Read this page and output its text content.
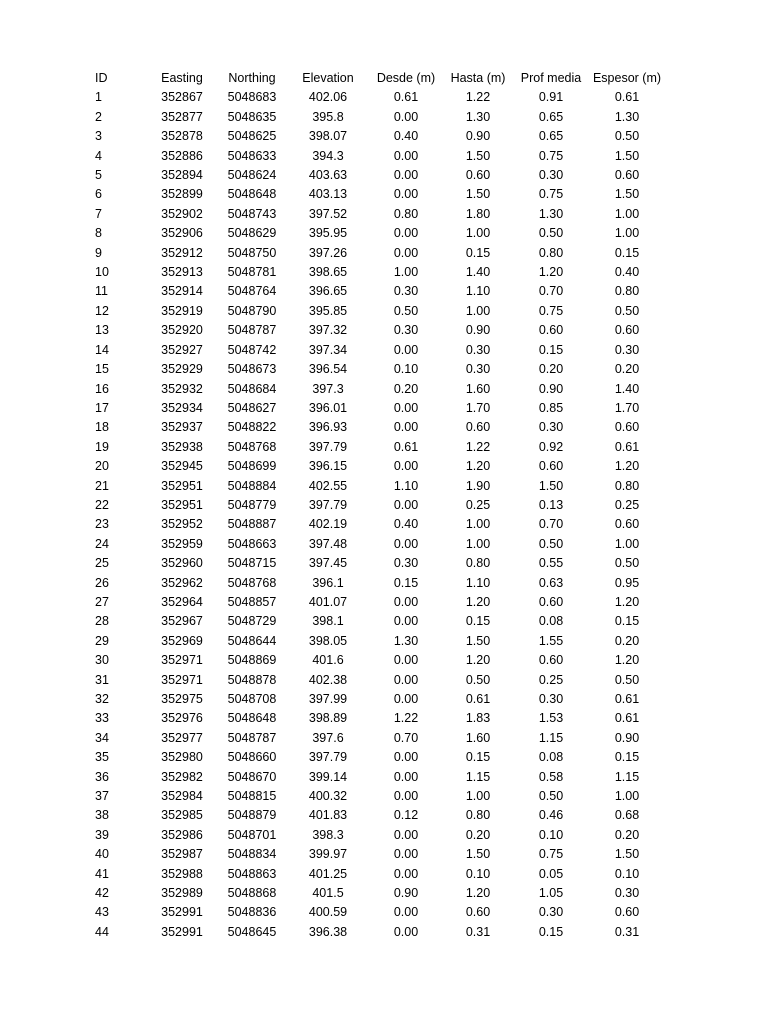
ID	Easting	Northing	Elevation	Desde (m)	Hasta (m)	Prof media	Espesor (m)
1	352867	5048683	402.06	0.61	1.22	0.91	0.61
2	352877	5048635	395.8	0.00	1.30	0.65	1.30
3	352878	5048625	398.07	0.40	0.90	0.65	0.50
4	352886	5048633	394.3	0.00	1.50	0.75	1.50
5	352894	5048624	403.63	0.00	0.60	0.30	0.60
6	352899	5048648	403.13	0.00	1.50	0.75	1.50
7	352902	5048743	397.52	0.80	1.80	1.30	1.00
8	352906	5048629	395.95	0.00	1.00	0.50	1.00
9	352912	5048750	397.26	0.00	0.15	0.80	0.15
10	352913	5048781	398.65	1.00	1.40	1.20	0.40
11	352914	5048764	396.65	0.30	1.10	0.70	0.80
12	352919	5048790	395.85	0.50	1.00	0.75	0.50
13	352920	5048787	397.32	0.30	0.90	0.60	0.60
14	352927	5048742	397.34	0.00	0.30	0.15	0.30
15	352929	5048673	396.54	0.10	0.30	0.20	0.20
16	352932	5048684	397.3	0.20	1.60	0.90	1.40
17	352934	5048627	396.01	0.00	1.70	0.85	1.70
18	352937	5048822	396.93	0.00	0.60	0.30	0.60
19	352938	5048768	397.79	0.61	1.22	0.92	0.61
20	352945	5048699	396.15	0.00	1.20	0.60	1.20
21	352951	5048884	402.55	1.10	1.90	1.50	0.80
22	352951	5048779	397.79	0.00	0.25	0.13	0.25
23	352952	5048887	402.19	0.40	1.00	0.70	0.60
24	352959	5048663	397.48	0.00	1.00	0.50	1.00
25	352960	5048715	397.45	0.30	0.80	0.55	0.50
26	352962	5048768	396.1	0.15	1.10	0.63	0.95
27	352964	5048857	401.07	0.00	1.20	0.60	1.20
28	352967	5048729	398.1	0.00	0.15	0.08	0.15
29	352969	5048644	398.05	1.30	1.50	1.55	0.20
30	352971	5048869	401.6	0.00	1.20	0.60	1.20
31	352971	5048878	402.38	0.00	0.50	0.25	0.50
32	352975	5048708	397.99	0.00	0.61	0.30	0.61
33	352976	5048648	398.89	1.22	1.83	1.53	0.61
34	352977	5048787	397.6	0.70	1.60	1.15	0.90
35	352980	5048660	397.79	0.00	0.15	0.08	0.15
36	352982	5048670	399.14	0.00	1.15	0.58	1.15
37	352984	5048815	400.32	0.00	1.00	0.50	1.00
38	352985	5048879	401.83	0.12	0.80	0.46	0.68
39	352986	5048701	398.3	0.00	0.20	0.10	0.20
40	352987	5048834	399.97	0.00	1.50	0.75	1.50
41	352988	5048863	401.25	0.00	0.10	0.05	0.10
42	352989	5048868	401.5	0.90	1.20	1.05	0.30
43	352991	5048836	400.59	0.00	0.60	0.30	0.60
44	352991	5048645	396.38	0.00	0.31	0.15	0.31
